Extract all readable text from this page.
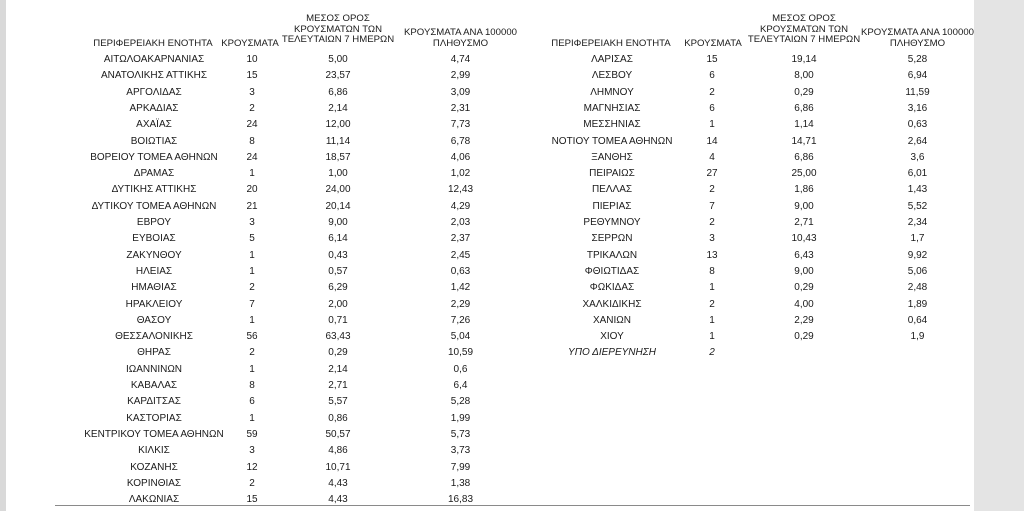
ΠΕΡΙΦΕΡΕΙΑΚΗ ΕΝΟΤΗΤΑ ΚΡΟΥΣΜΑΤΑ
ΜΕΣΟΣ ΟΡΟΣ
ΚΡΟΥΣΜΑΤΩΝ ΤΩΝ
ΤΕΛΕΥΤΑΙΩΝ 7 ΗΜΕΡΩΝ
ΚΡΟΥΣΜΑΤΑ ΑΝΑ 100000
ΠΛΗΘΥΣΜΟ
ΑΙΤΩΛΟΑΚΑΡΝΑΝΙΑΣ	10	5,00	4,74
ΑΝΑΤΟΛΙΚΗΣ ΑΤΤΙΚΗΣ	15	23,57	2,99
ΑΡΓΟΛΙΔΑΣ	3	6,86	3,09
ΑΡΚΑΔΙΑΣ	2	2,14	2,31
ΑΧΑΪΑΣ	24	12,00	7,73
ΒΟΙΩΤΙΑΣ	8	11,14	6,78
ΒΟΡΕΙΟΥ ΤΟΜΕΑ ΑΘΗΝΩΝ	24	18,57	4,06
ΔΡΑΜΑΣ	1	1,00	1,02
ΔΥΤΙΚΗΣ ΑΤΤΙΚΗΣ	20	24,00	12,43
ΔΥΤΙΚΟΥ ΤΟΜΕΑ ΑΘΗΝΩΝ	21	20,14	4,29
ΕΒΡΟΥ	3	9,00	2,03
ΕΥΒΟΙΑΣ	5	6,14	2,37
ΖΑΚΥΝΘΟΥ	1	0,43	2,45
ΗΛΕΙΑΣ	1	0,57	0,63
ΗΜΑΘΙΑΣ	2	6,29	1,42
ΗΡΑΚΛΕΙΟΥ	7	2,00	2,29
ΘΑΣΟΥ	1	0,71	7,26
ΘΕΣΣΑΛΟΝΙΚΗΣ	56	63,43	5,04
ΘΗΡΑΣ	2	0,29	10,59
ΙΩΑΝΝΙΝΩΝ	1	2,14	0,6
ΚΑΒΑΛΑΣ	8	2,71	6,4
ΚΑΡΔΙΤΣΑΣ	6	5,57	5,28
ΚΑΣΤΟΡΙΑΣ	1	0,86	1,99
ΚΕΝΤΡΙΚΟΥ ΤΟΜΕΑ ΑΘΗΝΩΝ	59	50,57	5,73
ΚΙΛΚΙΣ	3	4,86	3,73
ΚΟΖΑΝΗΣ	12	10,71	7,99
ΚΟΡΙΝΘΙΑΣ	2	4,43	1,38
ΛΑΚΩΝΙΑΣ	15	4,43	16,83
ΠΕΡΙΦΕΡΕΙΑΚΗ ΕΝΟΤΗΤΑ	ΚΡΟΥΣΜΑΤΑ
ΜΕΣΟΣ ΟΡΟΣ
ΚΡΟΥΣΜΑΤΩΝ ΤΩΝ
ΤΕΛΕΥΤΑΙΩΝ 7 ΗΜΕΡΩΝ
ΚΡΟΥΣΜΑΤΑ ΑΝΑ 100000
ΠΛΗΘΥΣΜΟ
ΛΑΡΙΣΑΣ	15	19,14	5,28
ΛΕΣΒΟΥ	6	8,00	6,94
ΛΗΜΝΟΥ	2	0,29	11,59
ΜΑΓΝΗΣΙΑΣ	6	6,86	3,16
ΜΕΣΣΗΝΙΑΣ	1	1,14	0,63
ΝΟΤΙΟΥ ΤΟΜΕΑ ΑΘΗΝΩΝ	14	14,71	2,64
ΞΑΝΘΗΣ	4	6,86	3,6
ΠΕΙΡΑΙΩΣ	27	25,00	6,01
ΠΕΛΛΑΣ	2	1,86	1,43
ΠΙΕΡΙΑΣ	7	9,00	5,52
ΡΕΘΥΜΝΟΥ	2	2,71	2,34
ΣΕΡΡΩΝ	3	10,43	1,7
ΤΡΙΚΑΛΩΝ	13	6,43	9,92
ΦΘΙΩΤΙΔΑΣ	8	9,00	5,06
ΦΩΚΙΔΑΣ	1	0,29	2,48
ΧΑΛΚΙΔΙΚΗΣ	2	4,00	1,89
ΧΑΝΙΩΝ	1	2,29	0,64
ΧΙΟΥ	1	0,29	1,9
ΥΠΟ ΔΙΕΡΕΥΝΗΣΗ	2
